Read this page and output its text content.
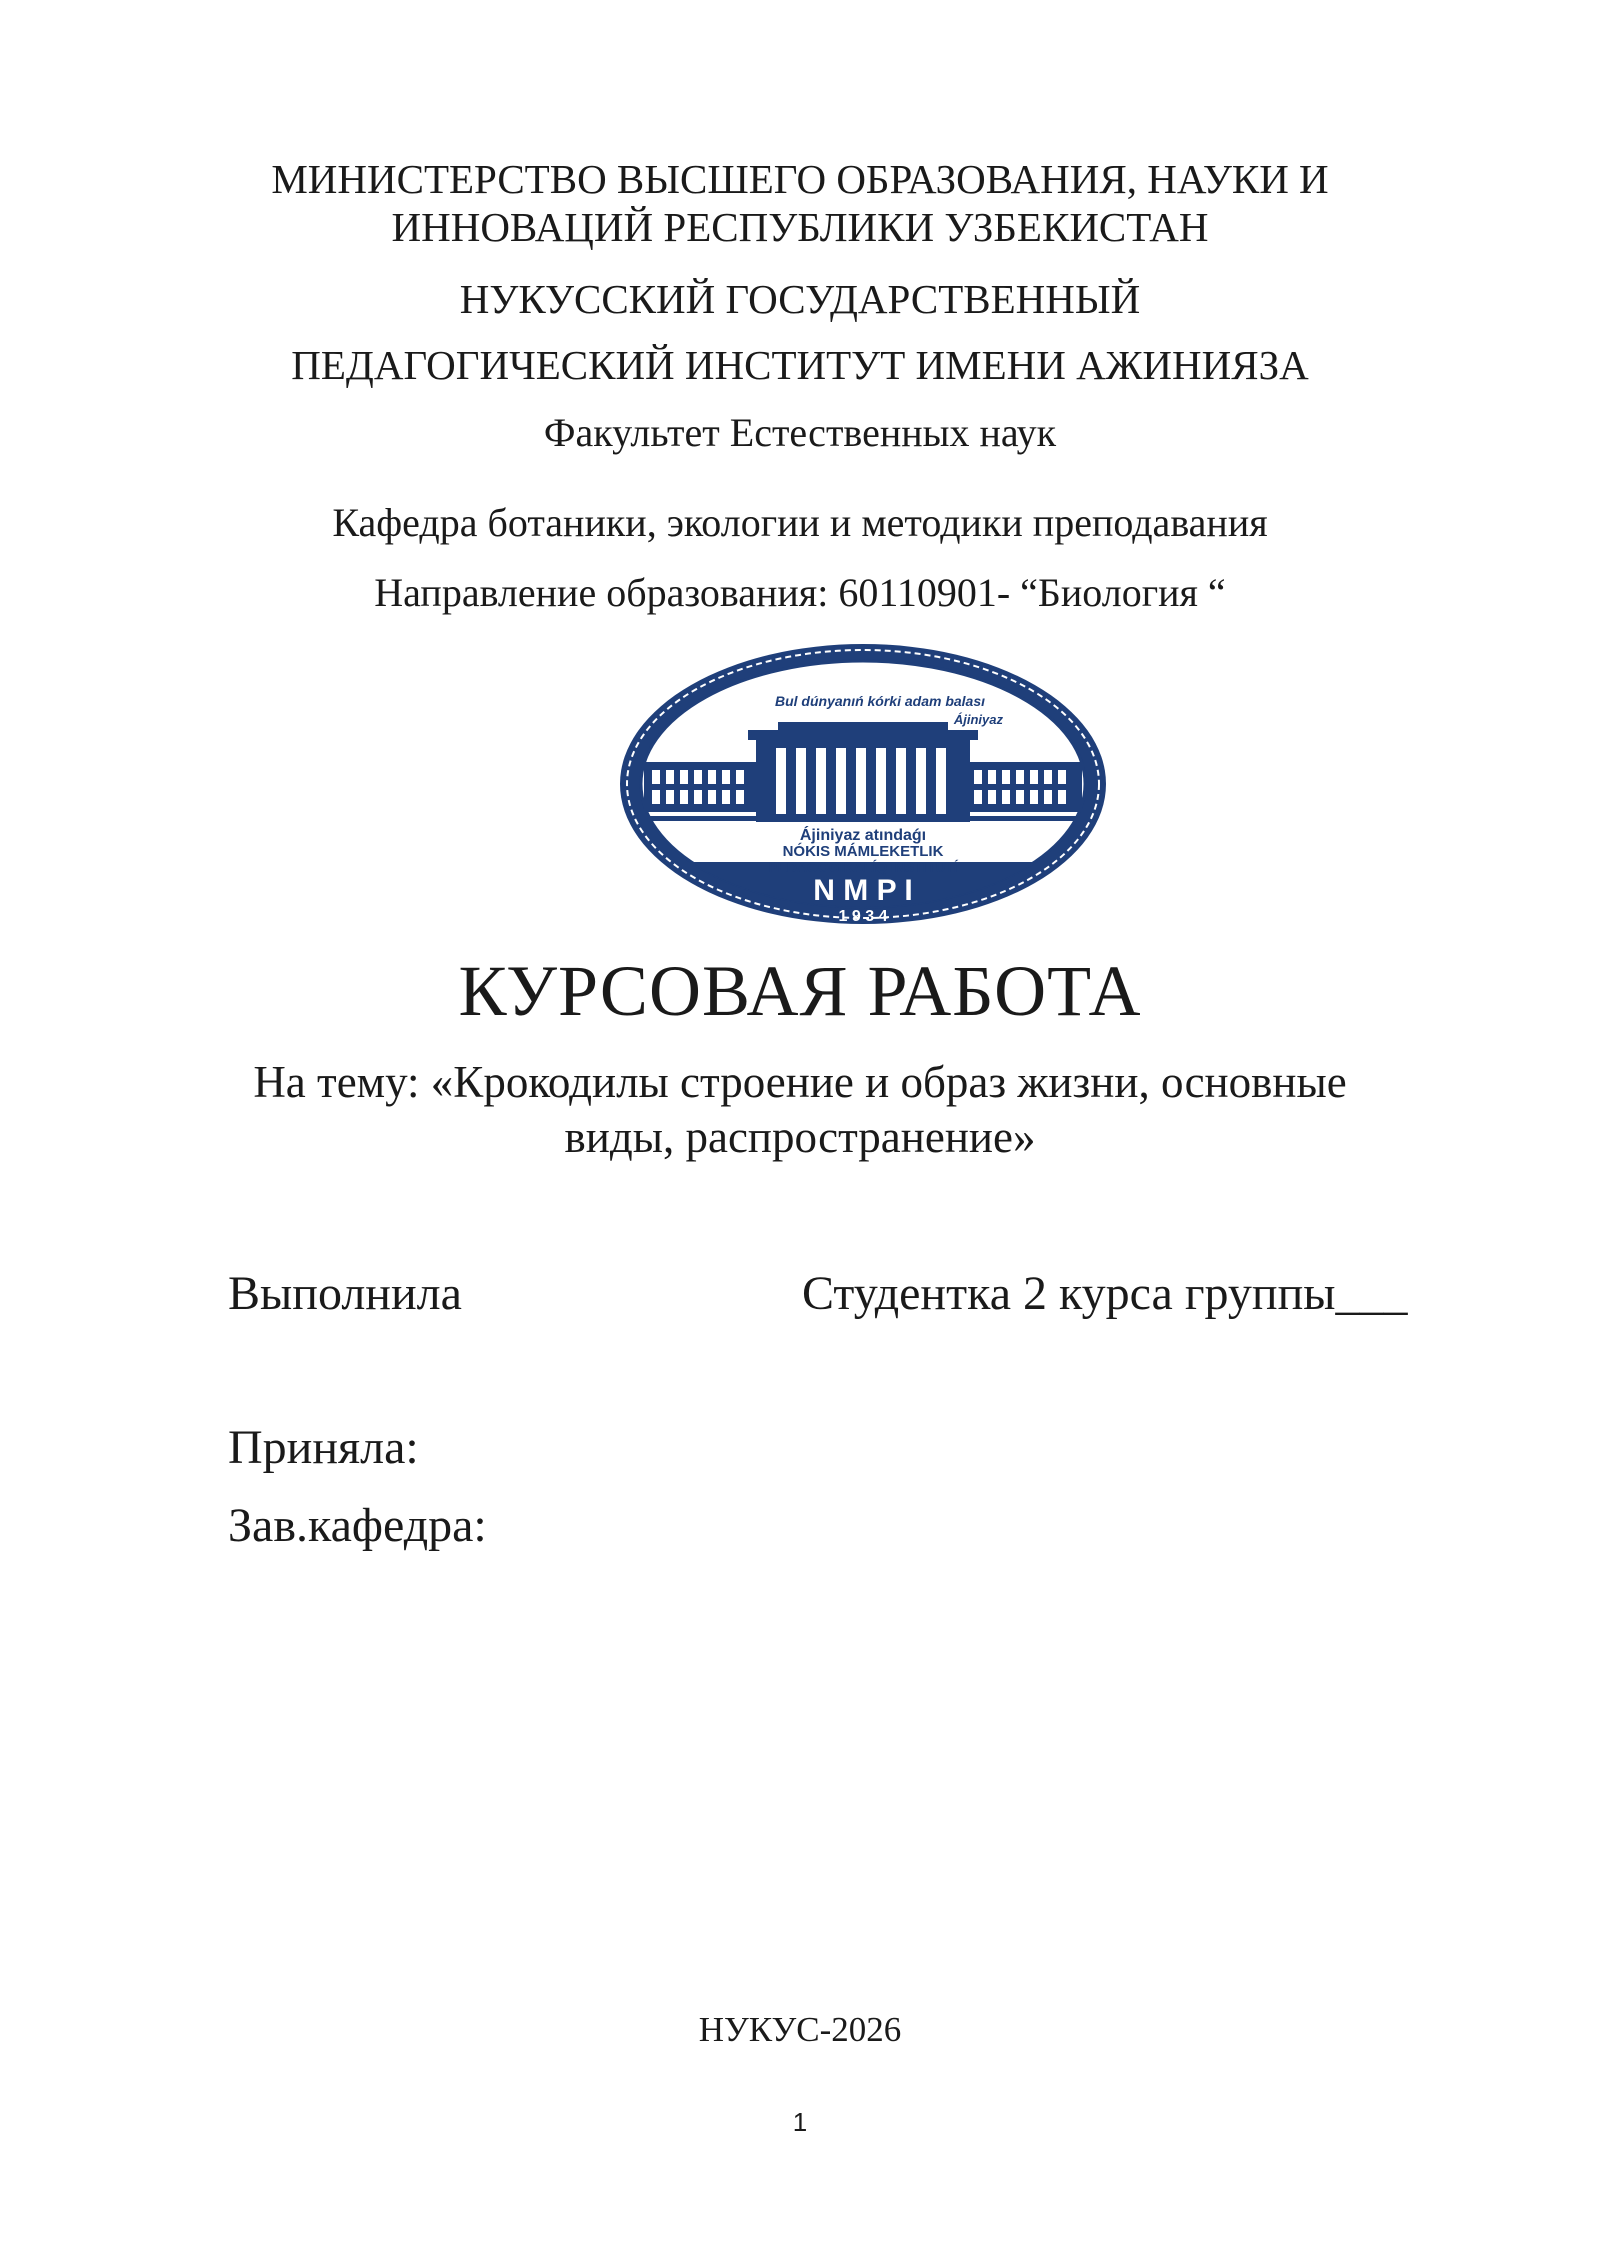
МИНИСТЕРСТВО ВЫСШЕГО ОБРАЗОВАНИЯ, НАУКИ И
ИННОВАЦИЙ РЕСПУБЛИКИ УЗБЕКИСТАН
НУКУССКИЙ ГОСУДАРСТВЕННЫЙ
ПЕДАГОГИЧЕСКИЙ ИНСТИТУТ ИМЕНИ АЖИНИЯЗА
Факультет Естественных наук
Кафедра ботаники, экологии и методики преподавания
Направление образования: 60110901- “Биология “
Bul dúnyanıń kórki adam balası
Ájiniyaz
Ájiniyaz atındaǵı
NÓKIS MÁMLEKETLIK
PEDAGOGIKALÍQ INSTITUTÍ
N M P I
1 9 3 4
КУРСОВАЯ РАБОТА
На тему: «Крокодилы строение и образ жизни, основные
виды, распространение»
Выполнила	Студентка 2 курса группы___
Приняла:
Зав.кафедра:
НУКУС-2026
1
